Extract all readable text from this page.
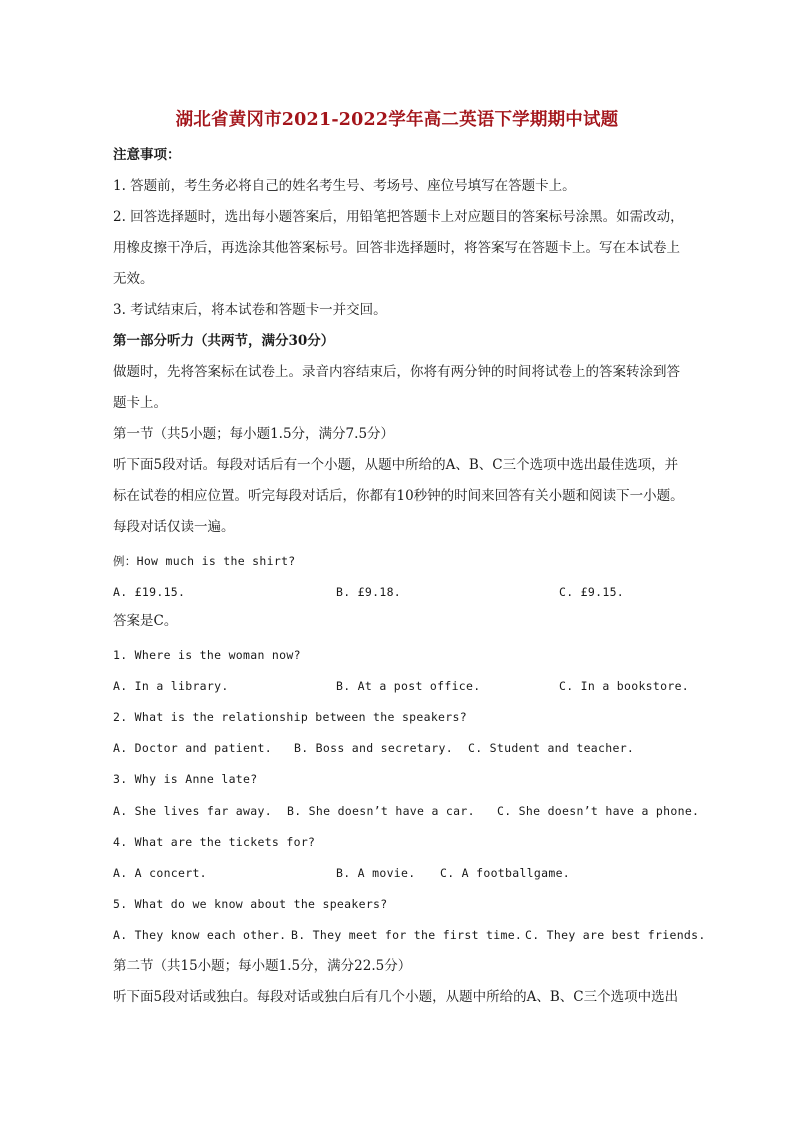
湖北省黄冈市2021-2022学年高二英语下学期期中试题
注意事项：
1. 答题前，考生务必将自己的姓名考生号、考场号、座位号填写在答题卡上。
2. 回答选择题时，选出每小题答案后，用铅笔把答题卡上对应题目的答案标号涂黑。如需改动，
用橡皮擦干净后，再选涂其他答案标号。回答非选择题时，将答案写在答题卡上。写在本试卷上
无效。
3. 考试结束后，将本试卷和答题卡一并交回。
第一部分听力（共两节，满分30分）
做题时，先将答案标在试卷上。录音内容结束后，你将有两分钟的时间将试卷上的答案转涂到答
题卡上。
第一节（共5小题；每小题1.5分，满分7.5分）
听下面5段对话。每段对话后有一个小题，从题中所给的A、B、C三个选项中选出最佳选项，并
标在试卷的相应位置。听完每段对话后，你都有10秒钟的时间来回答有关小题和阅读下一小题。
每段对话仅读一遍。
例：How much is the shirt?
A. £19.15.	B. £9.18.	C. £9.15.
答案是C。
1. Where is the woman now?
A. In a library.	B. At a post office.	C. In a bookstore.
2. What is the relationship between the speakers?
A. Doctor and patient. B. Boss and secretary. C. Student and teacher.
3. Why is Anne late?
A. She lives far away. B. She doesn’t have a car. C. She doesn’t have a phone.
4. What are the tickets for?
A. A concert.	B. A movie. C. A footballgame.
5. What do we know about the speakers?
A. They know each other. B. They meet for the first time. C. They are best friends.
第二节（共15小题；每小题1.5分，满分22.5分）
听下面5段对话或独白。每段对话或独白后有几个小题，从题中所给的A、B、C三个选项中选出
